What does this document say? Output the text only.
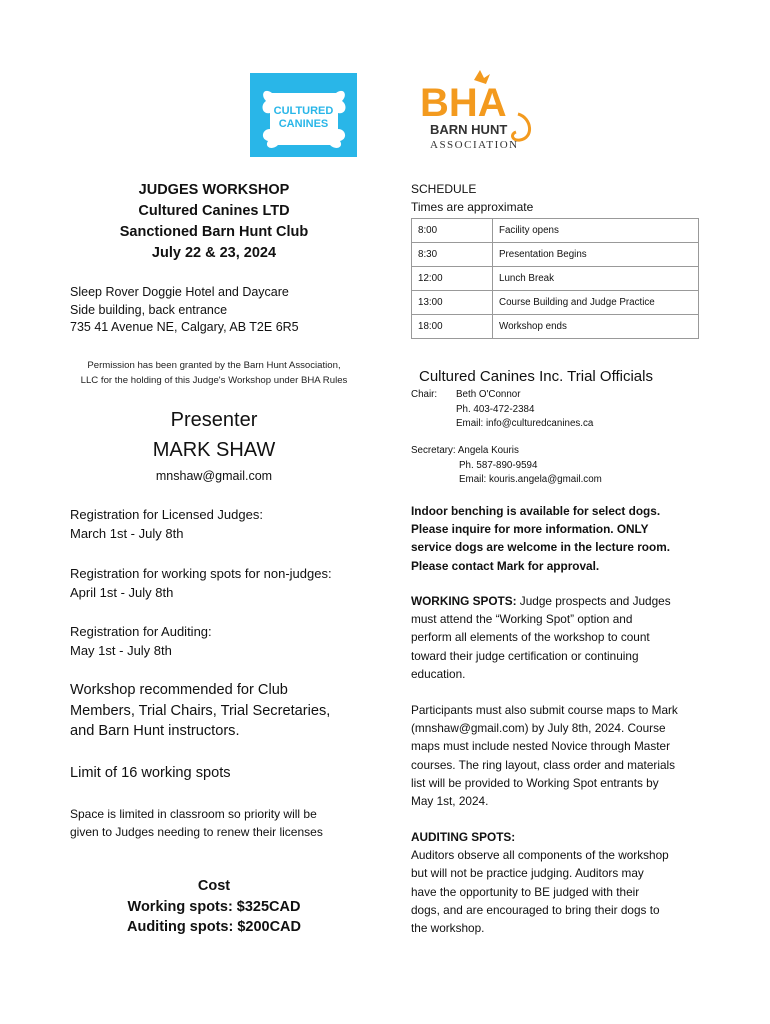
CULTURED
CANINES BHA
BARN HUNT
ASSOCIATION
JUDGES WORKSHOP
Cultured Canines LTD
Sanctioned Barn Hunt Club
July 22 & 23, 2024
Sleep Rover Doggie Hotel and Daycare
Side building, back entrance
735 41 Avenue NE, Calgary, AB T2E 6R5
Permission has been granted by the Barn Hunt Association,
LLC for the holding of this Judge's Workshop under BHA Rules
Presenter
MARK SHAW
mnshaw@gmail.com
Registration for Licensed Judges:
March 1st - July 8th
Registration for working spots for non-judges:
April 1st - July 8th
Registration for Auditing:
May 1st - July 8th
Workshop recommended for Club
Members, Trial Chairs, Trial Secretaries,
and Barn Hunt instructors.
Limit of 16 working spots
Space is limited in classroom so priority will be
given to Judges needing to renew their licenses
Cost
Working spots: $325CAD
Auditing spots: $200CAD
SCHEDULE
Times are approximate
8:00	Facility opens
8:30	Presentation Begins
12:00	Lunch Break
13:00	Course Building and Judge Practice
18:00	Workshop ends
Cultured Canines Inc. Trial Officials
Chair: Beth O'Connor
Ph. 403-472-2384
Email: info@culturedcanines.ca
Secretary: Angela Kouris
Ph. 587-890-9594
Email: kouris.angela@gmail.com
Indoor benching is available for select dogs.
Please inquire for more information. ONLY
service dogs are welcome in the lecture room.
Please contact Mark for approval.
WORKING SPOTS: Judge prospects and Judges
must attend the “Working Spot” option and
perform all elements of the workshop to count
toward their judge certification or continuing
education.
Participants must also submit course maps to Mark
(mnshaw@gmail.com) by July 8th, 2024. Course
maps must include nested Novice through Master
courses. The ring layout, class order and materials
list will be provided to Working Spot entrants by
May 1st, 2024.
AUDITING SPOTS:
Auditors observe all components of the workshop
but will not be practice judging. Auditors may
have the opportunity to BE judged with their
dogs, and are encouraged to bring their dogs to
the workshop.
